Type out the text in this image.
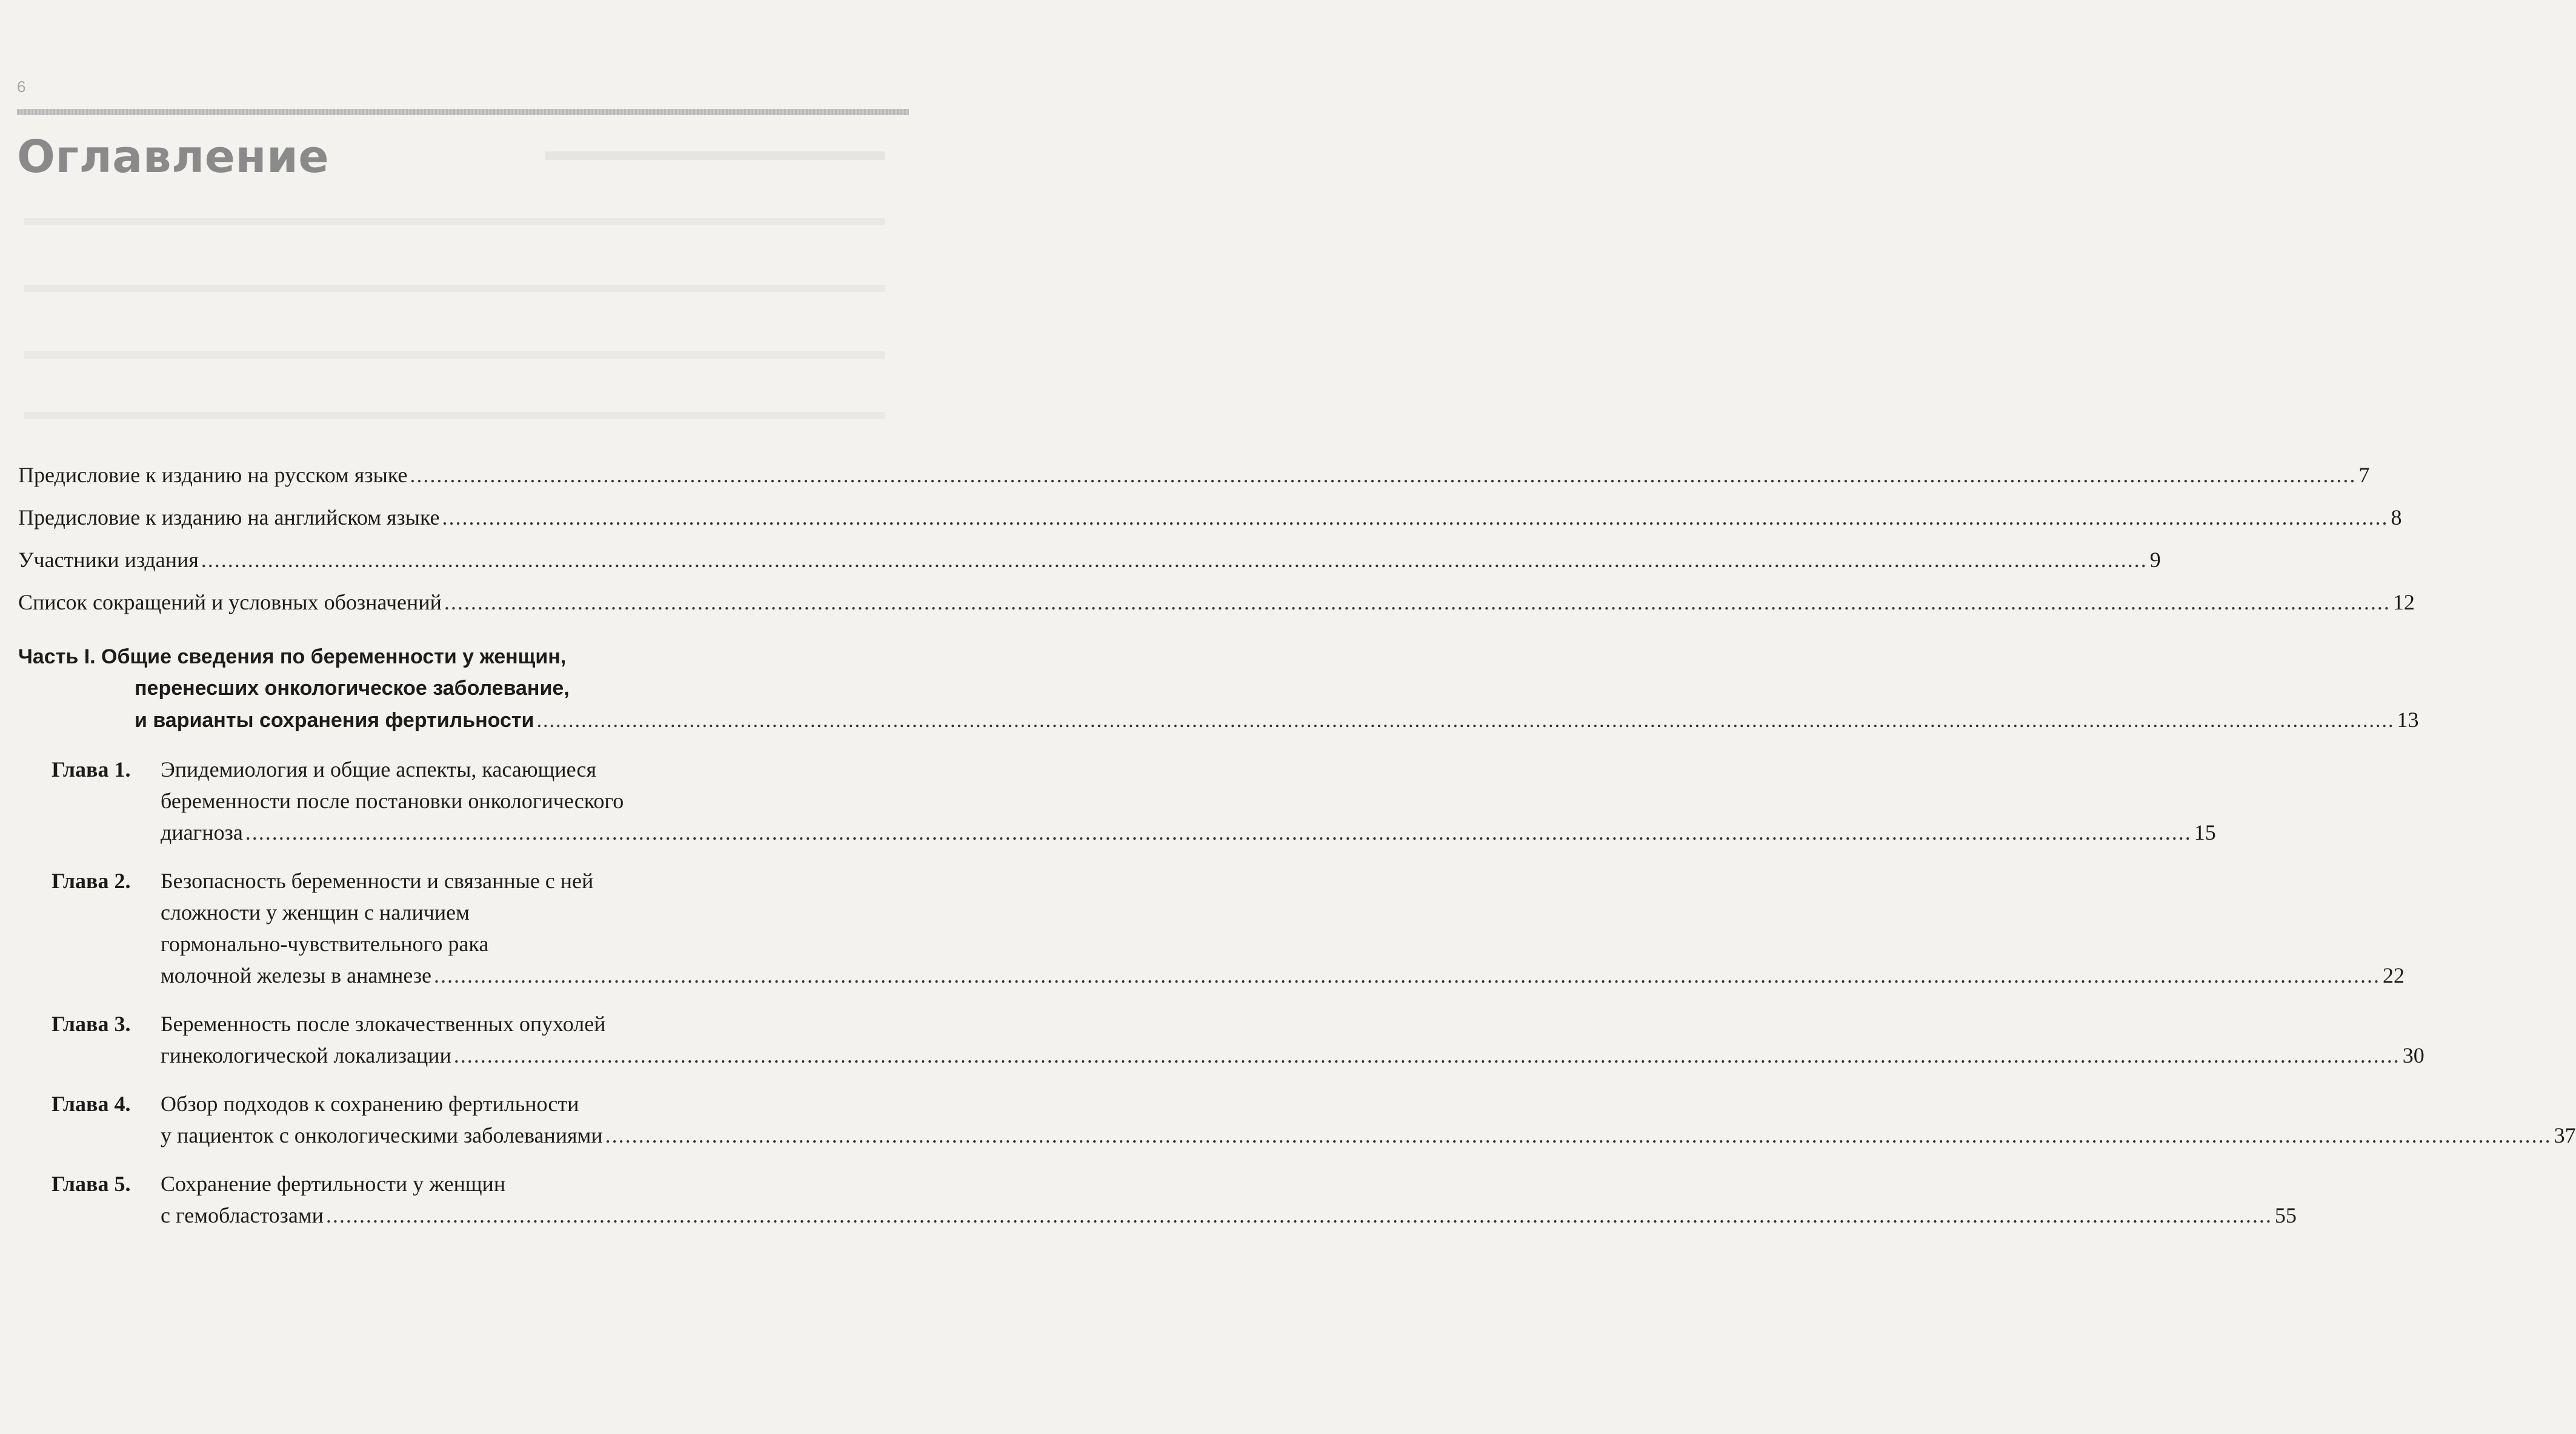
6
Оглавление
Предисловие к изданию на русском языке .....	7
Предисловие к изданию на английском языке .....	8
Участники издания .....	9
Список сокращений и условных обозначений .....	12
Часть I. Общие сведения по беременности у женщин,
перенесших онкологическое заболевание,
и варианты сохранения фертильности .....	13
Глава 1.	Эпидемиология и общие аспекты, касающиеся
беременности после постановки онкологического
диагноза .....	15
Глава 2.	Безопасность беременности и связанные с ней
сложности у женщин с наличием
гормонально-чувствительного рака
молочной железы в анамнезе .....	22
Глава 3.	Беременность после злокачественных опухолей
гинекологической локализации .....	30
Глава 4.	Обзор подходов к сохранению фертильности
у пациенток с онкологическими заболеваниями .....	37
Глава 5.	Сохранение фертильности у женщин
с гемобластозами .....	55
